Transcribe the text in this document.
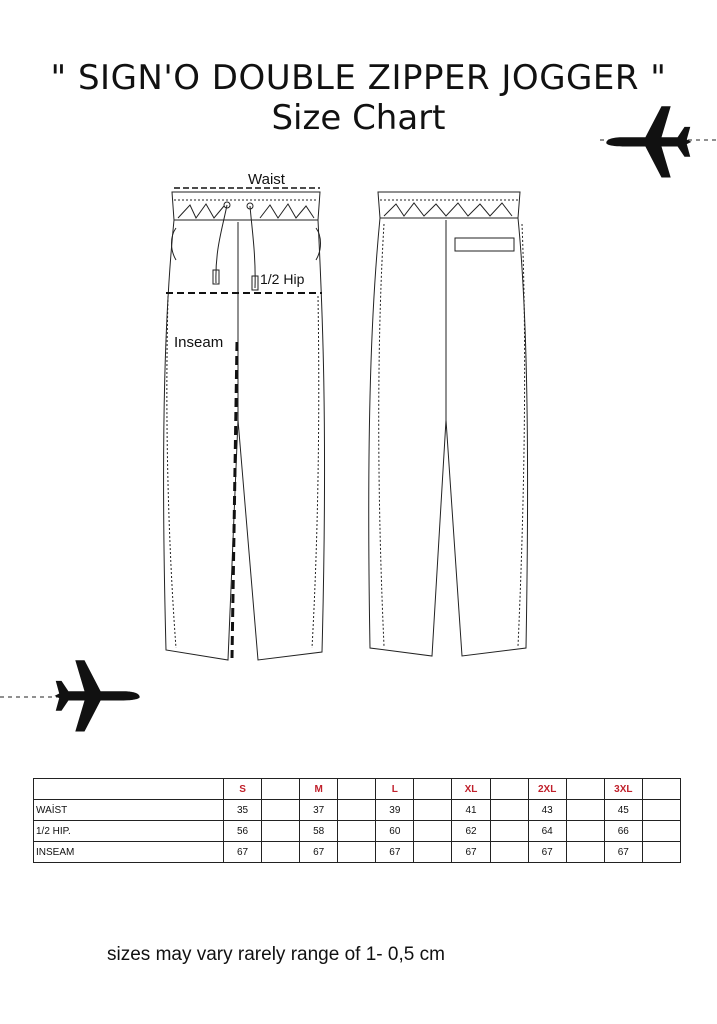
" SIGN'O DOUBLE ZIPPER JOGGER "
Size Chart
Waist
1/2 Hip
Inseam
	S		M		L		XL		2XL		3XL	
WAİST	35		37		39		41		43		45	
1/2 HIP.	56		58		60		62		64		66	
INSEAM	67		67		67		67		67		67	
sizes may vary rarely range of 1- 0,5 cm
